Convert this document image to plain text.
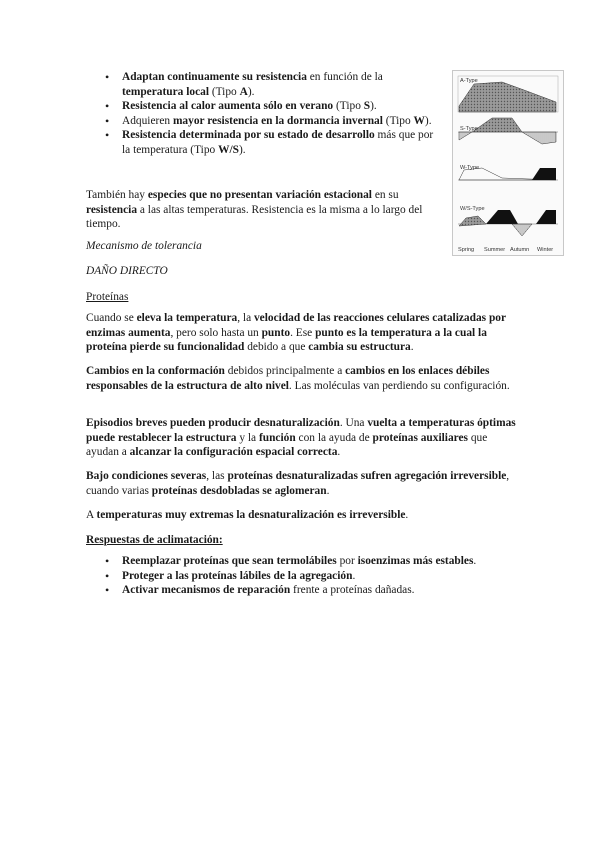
• Adaptan continuamente su resistencia en función de la temperatura local (Tipo A).
• Resistencia al calor aumenta sólo en verano (Tipo S).
• Adquieren mayor resistencia en la dormancia invernal (Tipo W).
• Resistencia determinada por su estado de desarrollo más que por la temperatura (Tipo W/S).
A-Type
S-Type
W-Type
W/S-Type
Spring Summer Autumn Winter

También hay especies que no presentan variación estacional en su resistencia a las altas temperaturas. Resistencia es la misma a lo largo del tiempo.

Mecanismo de tolerancia
DAÑO DIRECTO
Proteínas

Cuando se eleva la temperatura, la velocidad de las reacciones celulares catalizadas por enzimas aumenta, pero solo hasta un punto. Ese punto es la temperatura a la cual la proteína pierde su funcionalidad debido a que cambia su estructura.

Cambios en la conformación debidos principalmente a cambios en los enlaces débiles responsables de la estructura de alto nivel. Las moléculas van perdiendo su configuración.

Episodios breves pueden producir desnaturalización. Una vuelta a temperaturas óptimas puede restablecer la estructura y la función con la ayuda de proteínas auxiliares que ayudan a alcanzar la configuración espacial correcta.

Bajo condiciones severas, las proteínas desnaturalizadas sufren agregación irreversible, cuando varias proteínas desdobladas se aglomeran.

A temperaturas muy extremas la desnaturalización es irreversible.

Respuestas de aclimatación:
• Reemplazar proteínas que sean termolábiles por isoenzimas más estables.
• Proteger a las proteínas lábiles de la agregación.
• Activar mecanismos de reparación frente a proteínas dañadas.
